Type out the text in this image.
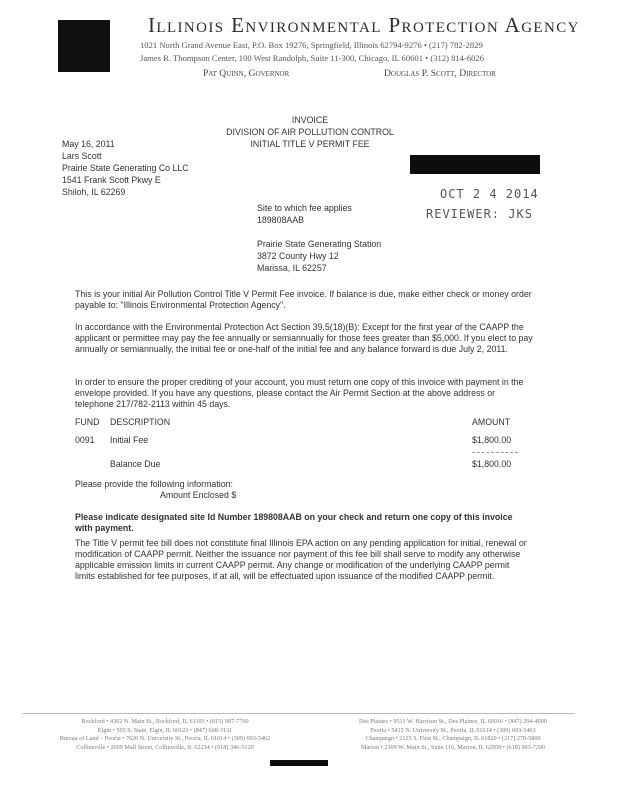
Illinois Environmental Protection Agency
1021 North Grand Avenue East, P.O. Box 19276, Springfield, Illinois 62794-9276 • (217) 782-2829
James R. Thompson Center, 100 West Randolph, Suite 11-300, Chicago, IL 60601 • (312) 814-6026
Pat Quinn, Governor	Douglas P. Scott, Director
INVOICE
DIVISION OF AIR POLLUTION CONTROL
INITIAL TITLE V PERMIT FEE
May 16, 2011
Lars Scott
Prairie State Generating Co LLC
1541 Frank Scott Pkwy E
Shiloh, IL 62269	OCT 2 4 2014
REVIEWER: JKS
Site to which fee applies
189808AAB
Prairie State Generating Station
3872 County Hwy 12
Marissa, IL 62257
This is your initial Air Pollution Control Title V Permit Fee invoice. If balance is due, make either check or money order payable to: "Illinois Environmental Protection Agency".
In accordance with the Environmental Protection Act Section 39.5(18)(B): Except for the first year of the CAAPP the applicant or permittee may pay the fee annually or semiannually for those fees greater than $5,000. If you elect to pay annually or semiannually, the initial fee or one-half of the initial fee and any balance forward is due July 2, 2011.
In order to ensure the proper crediting of your account, you must return one copy of this invoice with payment in the envelope provided. If you have any questions, please contact the Air Permit Section at the above address or telephone 217/782-2113 within 45 days.
FUND DESCRIPTION	AMOUNT
0091 Initial Fee	$1,800.00
Balance Due	$1,800.00
Please provide the following information:
Amount Enclosed $
Please indicate designated site Id Number 189808AAB on your check and return one copy of this invoice with payment.
The Title V permit fee bill does not constitute final Illinois EPA action on any pending application for initial, renewal or modification of CAAPP permit. Neither the issuance nor payment of this fee bill shall serve to modify any otherwise applicable emission limits in current CAAPP permit. Any change or modification of the underlying CAAPP permit limits established for fee purposes, if at all, will be effectuated upon issuance of the modified CAAPP permit.
Rockford • 4302 N. Main St., Rockford, IL 61103 • (815) 987-7760
Elgin • 595 S. State, Elgin, IL 60123 • (847) 608-3131
Bureau of Land – Peoria • 7620 N. University St., Peoria, IL 61614 • (309) 693-5462
Collinsville • 2009 Mall Street, Collinsville, IL 62234 • (618) 346-5120
Des Plaines • 9511 W. Harrison St., Des Plaines, IL 60016 • (847) 294-4000
Peoria • 5415 N. University St., Peoria, IL 61614 • (309) 693-5463
Champaign • 2125 S. First St., Champaign, IL 61820 • (217) 278-5800
Marion • 2309 W. Main St., Suite 116, Marion, IL 62959 • (618) 993-7200
